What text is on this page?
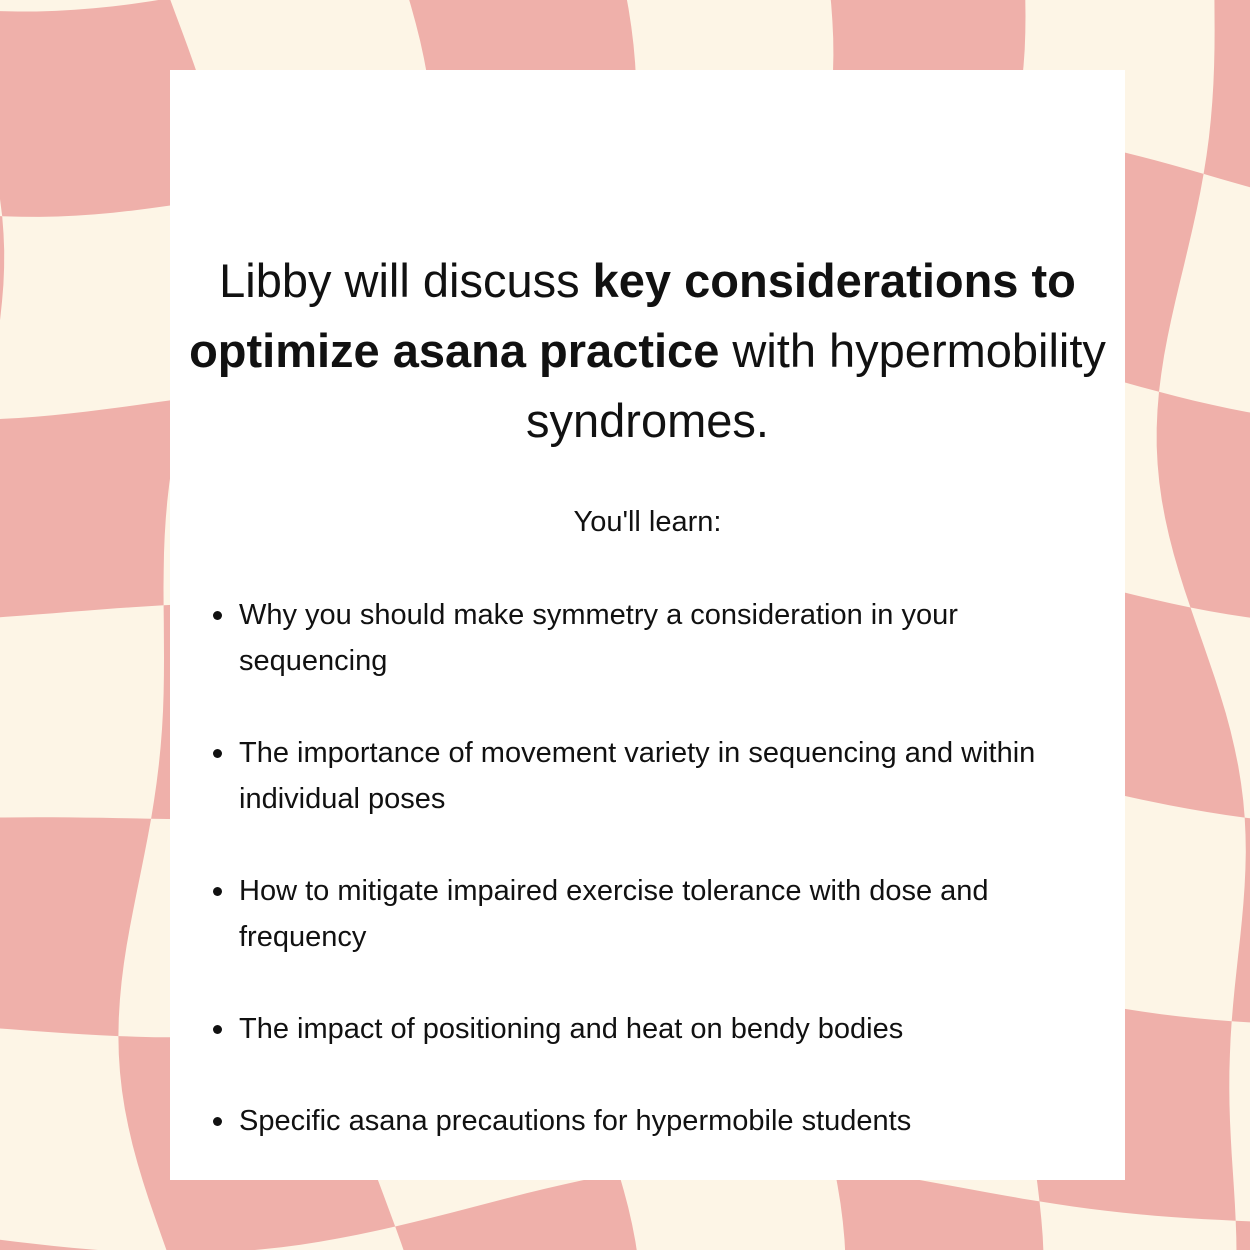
Libby will discuss key considerations to optimize asana practice with hypermobility syndromes.

You'll learn:

Why you should make symmetry a consideration in your sequencing
The importance of movement variety in sequencing and within individual poses
How to mitigate impaired exercise tolerance with dose and frequency
The impact of positioning and heat on bendy bodies
Specific asana precautions for hypermobile students
